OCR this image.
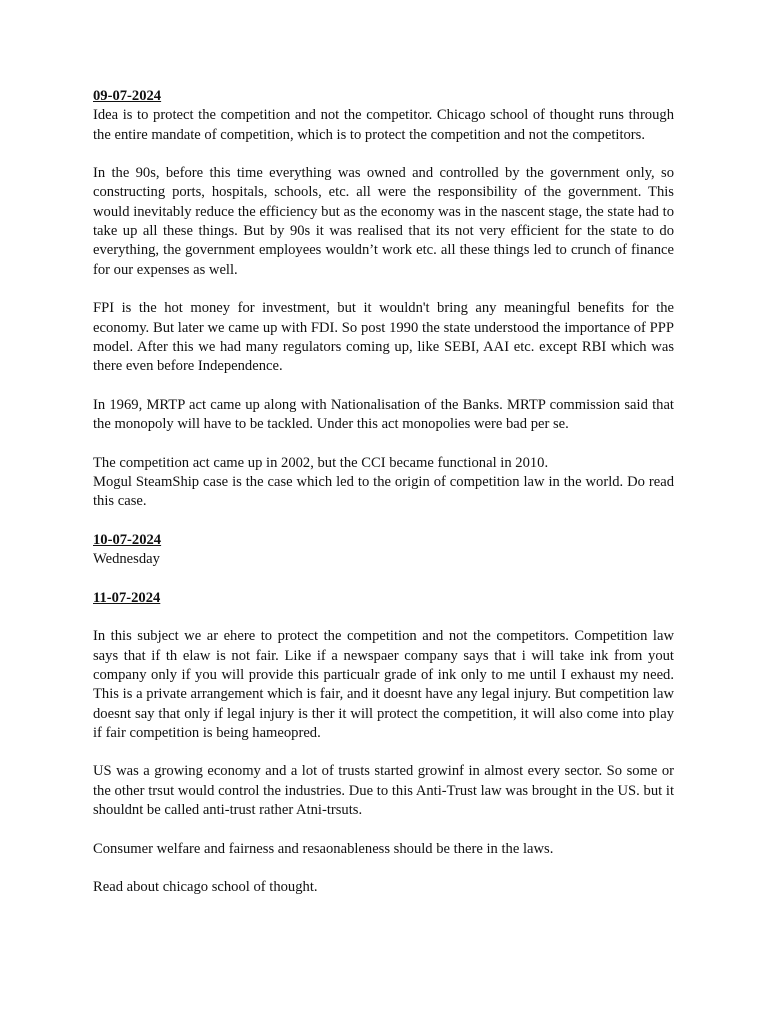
09-07-2024

Idea is to protect the competition and not the competitor. Chicago school of thought runs through the entire mandate of competition, which is to protect the competition and not the competitors.

In the 90s, before this time everything was owned and controlled by the government only, so constructing ports, hospitals, schools, etc. all were the responsibility of the government. This would inevitably reduce the efficiency but as the economy was in the nascent stage, the state had to take up all these things. But by 90s it was realised that its not very efficient for the state to do everything, the government employees wouldn’t work etc. all these things led to crunch of finance for our expenses as well.

FPI is the hot money for investment, but it wouldn't bring any meaningful benefits for the economy. But later we came up with FDI. So post 1990 the state understood the importance of PPP model. After this we had many regulators coming up, like SEBI, AAI etc. except RBI which was there even before Independence.

In 1969, MRTP act came up along with Nationalisation of the Banks. MRTP commission said that the monopoly will have to be tackled. Under this act monopolies were bad per se.

The competition act came up in 2002, but the CCI became functional in 2010.

Mogul SteamShip case is the case which led to the origin of competition law in the world. Do read this case.

10-07-2024

Wednesday

11-07-2024

In this subject we ar ehere to protect the competition and not the competitors. Competition law says that if th elaw is not fair. Like if a newspaer company says that i will take ink from yout company only if you will provide this particualr grade of ink only to me until I exhaust my need. This is a private arrangement which is fair, and it doesnt have any legal injury. But competition law doesnt say that only if legal injury is ther it will protect the competition, it will also come into play if fair competition is being hameopred.

US was a growing economy and a lot of trusts started growinf in almost every sector. So some or the other trsut would control the industries. Due to this Anti-Trust law was brought in the US. but it shouldnt be called anti-trust rather Atni-trsuts.

Consumer welfare and fairness and resaonableness should be there in the laws.

Read about chicago school of thought.
